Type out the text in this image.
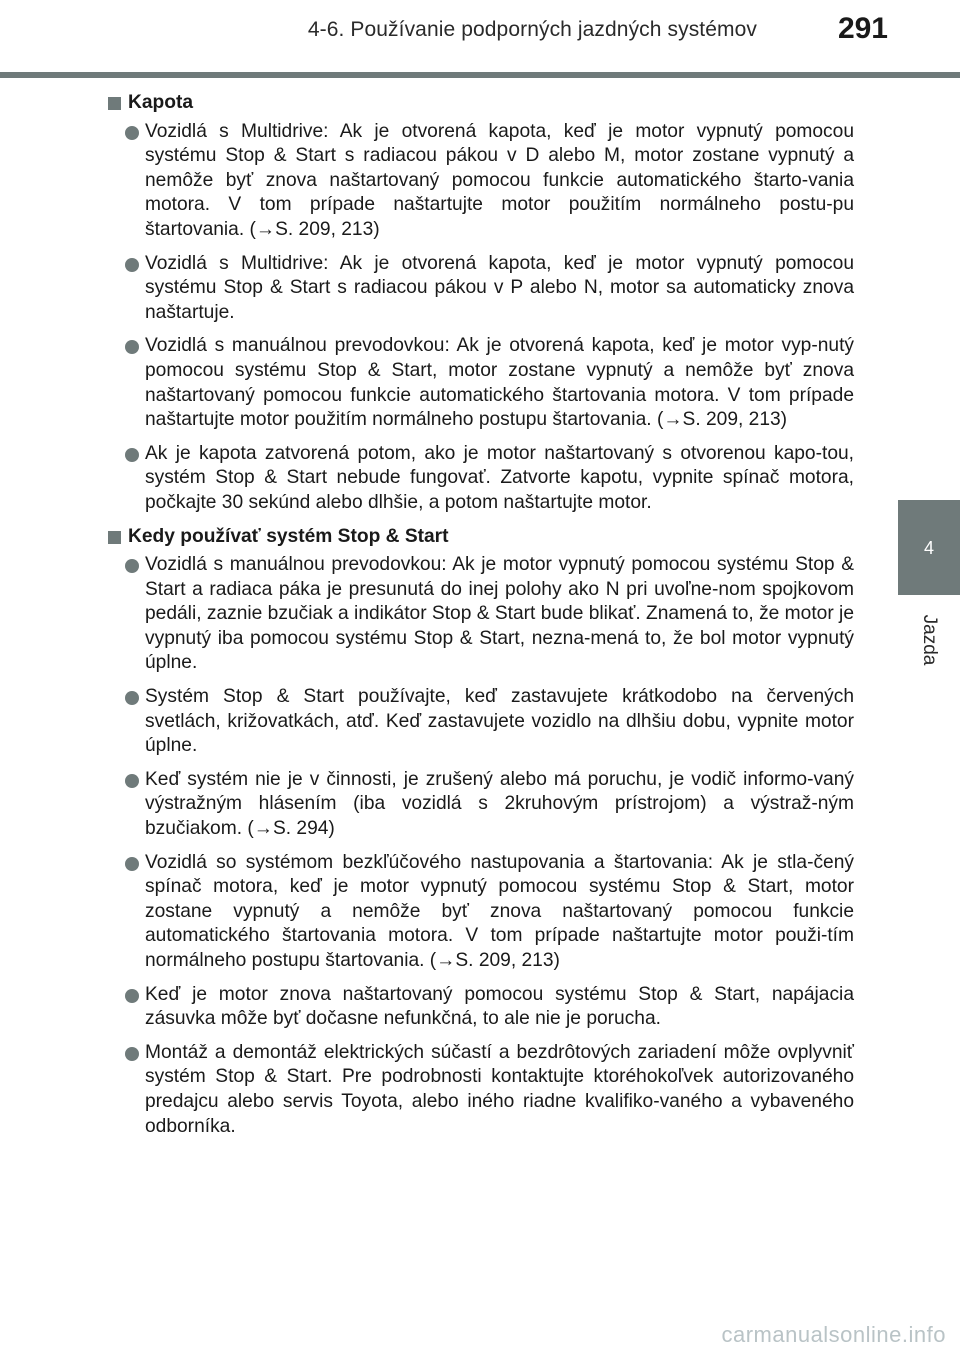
4-6. Používanie podporných jazdných systémov	291
4
Jazda
Kapota

Vozidlá s Multidrive: Ak je otvorená kapota, keď je motor vypnutý pomocou systému Stop & Start s radiacou pákou v D alebo M, motor zostane vypnutý a nemôže byť znova naštartovaný pomocou funkcie automatického štarto-vania motora. V tom prípade naštartujte motor použitím normálneho postu-pu štartovania. (→S. 209, 213)

Vozidlá s Multidrive: Ak je otvorená kapota, keď je motor vypnutý pomocou systému Stop & Start s radiacou pákou v P alebo N, motor sa automaticky znova naštartuje.

Vozidlá s manuálnou prevodovkou: Ak je otvorená kapota, keď je motor vyp-nutý pomocou systému Stop & Start, motor zostane vypnutý a nemôže byť znova naštartovaný pomocou funkcie automatického štartovania motora. V tom prípade naštartujte motor použitím normálneho postupu štartovania. (→S. 209, 213)

Ak je kapota zatvorená potom, ako je motor naštartovaný s otvorenou kapo-tou, systém Stop & Start nebude fungovať. Zatvorte kapotu, vypnite spínač motora, počkajte 30 sekúnd alebo dlhšie, a potom naštartujte motor.

Kedy používať systém Stop & Start

Vozidlá s manuálnou prevodovkou: Ak je motor vypnutý pomocou systému Stop & Start a radiaca páka je presunutá do inej polohy ako N pri uvoľne-nom spojkovom pedáli, zaznie bzučiak a indikátor Stop & Start bude blikať. Znamená to, že motor je vypnutý iba pomocou systému Stop & Start, nezna-mená to, že bol motor vypnutý úplne.

Systém Stop & Start používajte, keď zastavujete krátkodobo na červených svetlách, križovatkách, atď. Keď zastavujete vozidlo na dlhšiu dobu, vypnite motor úplne.

Keď systém nie je v činnosti, je zrušený alebo má poruchu, je vodič informo-vaný výstražným hlásením (iba vozidlá s 2kruhovým prístrojom) a výstraž-ným bzučiakom. (→S. 294)

Vozidlá so systémom bezkľúčového nastupovania a štartovania: Ak je stla-čený spínač motora, keď je motor vypnutý pomocou systému Stop & Start, motor zostane vypnutý a nemôže byť znova naštartovaný pomocou funkcie automatického štartovania motora. V tom prípade naštartujte motor použi-tím normálneho postupu štartovania. (→S. 209, 213)

Keď je motor znova naštartovaný pomocou systému Stop & Start, napájacia zásuvka môže byť dočasne nefunkčná, to ale nie je porucha.

Montáž a demontáž elektrických súčastí a bezdrôtových zariadení môže ovplyvniť systém Stop & Start. Pre podrobnosti kontaktujte ktoréhokoľvek autorizovaného predajcu alebo servis Toyota, alebo iného riadne kvalifiko-vaného a vybaveného odborníka.

carmanualsonline.info
